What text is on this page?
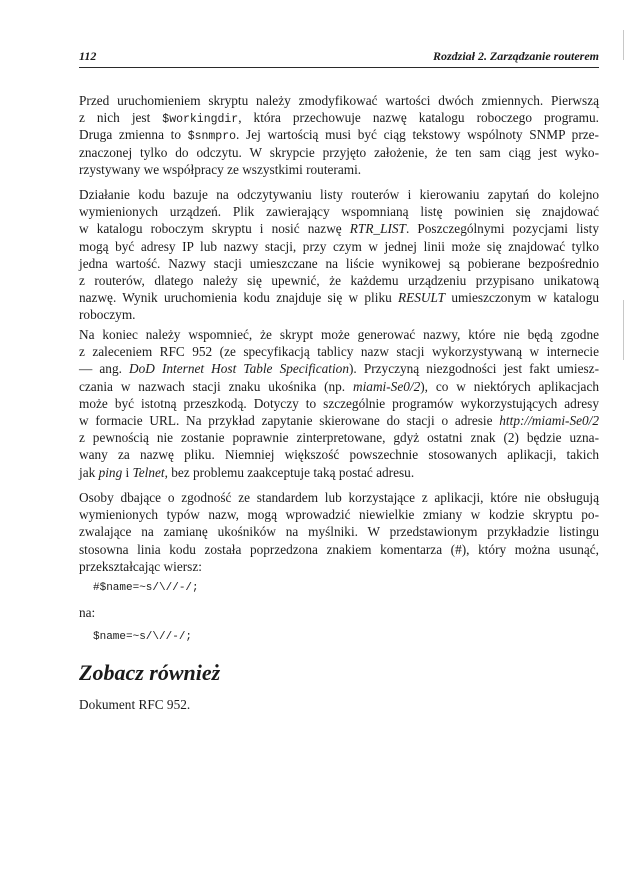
112	Rozdział 2. Zarządzanie routerem
Przed uruchomieniem skryptu należy zmodyfikować wartości dwóch zmiennych. Pierwszą
z nich jest $workingdir, która przechowuje nazwę katalogu roboczego programu.
Druga zmienna to $snmpro. Jej wartością musi być ciąg tekstowy wspólnoty SNMP prze-
znaczonej tylko do odczytu. W skrypcie przyjęto założenie, że ten sam ciąg jest wyko-
rzystywany we współpracy ze wszystkimi routerami.
Działanie kodu bazuje na odczytywaniu listy routerów i kierowaniu zapytań do kolejno
wymienionych urządzeń. Plik zawierający wspomnianą listę powinien się znajdować
w katalogu roboczym skryptu i nosić nazwę RTR_LIST. Poszczególnymi pozycjami listy
mogą być adresy IP lub nazwy stacji, przy czym w jednej linii może się znajdować tylko
jedna wartość. Nazwy stacji umieszczane na liście wynikowej są pobierane bezpośrednio
z routerów, dlatego należy się upewnić, że każdemu urządzeniu przypisano unikatową
nazwę. Wynik uruchomienia kodu znajduje się w pliku RESULT umieszczonym w katalogu
roboczym.
Na koniec należy wspomnieć, że skrypt może generować nazwy, które nie będą zgodne
z zaleceniem RFC 952 (ze specyfikacją tablicy nazw stacji wykorzystywaną w internecie
— ang. DoD Internet Host Table Specification). Przyczyną niezgodności jest fakt umiesz-
czania w nazwach stacji znaku ukośnika (np. miami-Se0/2), co w niektórych aplikacjach
może być istotną przeszkodą. Dotyczy to szczególnie programów wykorzystujących adresy
w formacie URL. Na przykład zapytanie skierowane do stacji o adresie http://miami-Se0/2
z pewnością nie zostanie poprawnie zinterpretowane, gdyż ostatni znak (2) będzie uzna-
wany za nazwę pliku. Niemniej większość powszechnie stosowanych aplikacji, takich
jak ping i Telnet, bez problemu zaakceptuje taką postać adresu.
Osoby dbające o zgodność ze standardem lub korzystające z aplikacji, które nie obsługują
wymienionych typów nazw, mogą wprowadzić niewielkie zmiany w kodzie skryptu po-
zwalające na zamianę ukośników na myślniki. W przedstawionym przykładzie listingu
stosowna linia kodu została poprzedzona znakiem komentarza (#), który można usunąć,
przekształcając wiersz:
#$name=~s/\//-/;
na:
$name=~s/\//-/;
Zobacz również
Dokument RFC 952.
